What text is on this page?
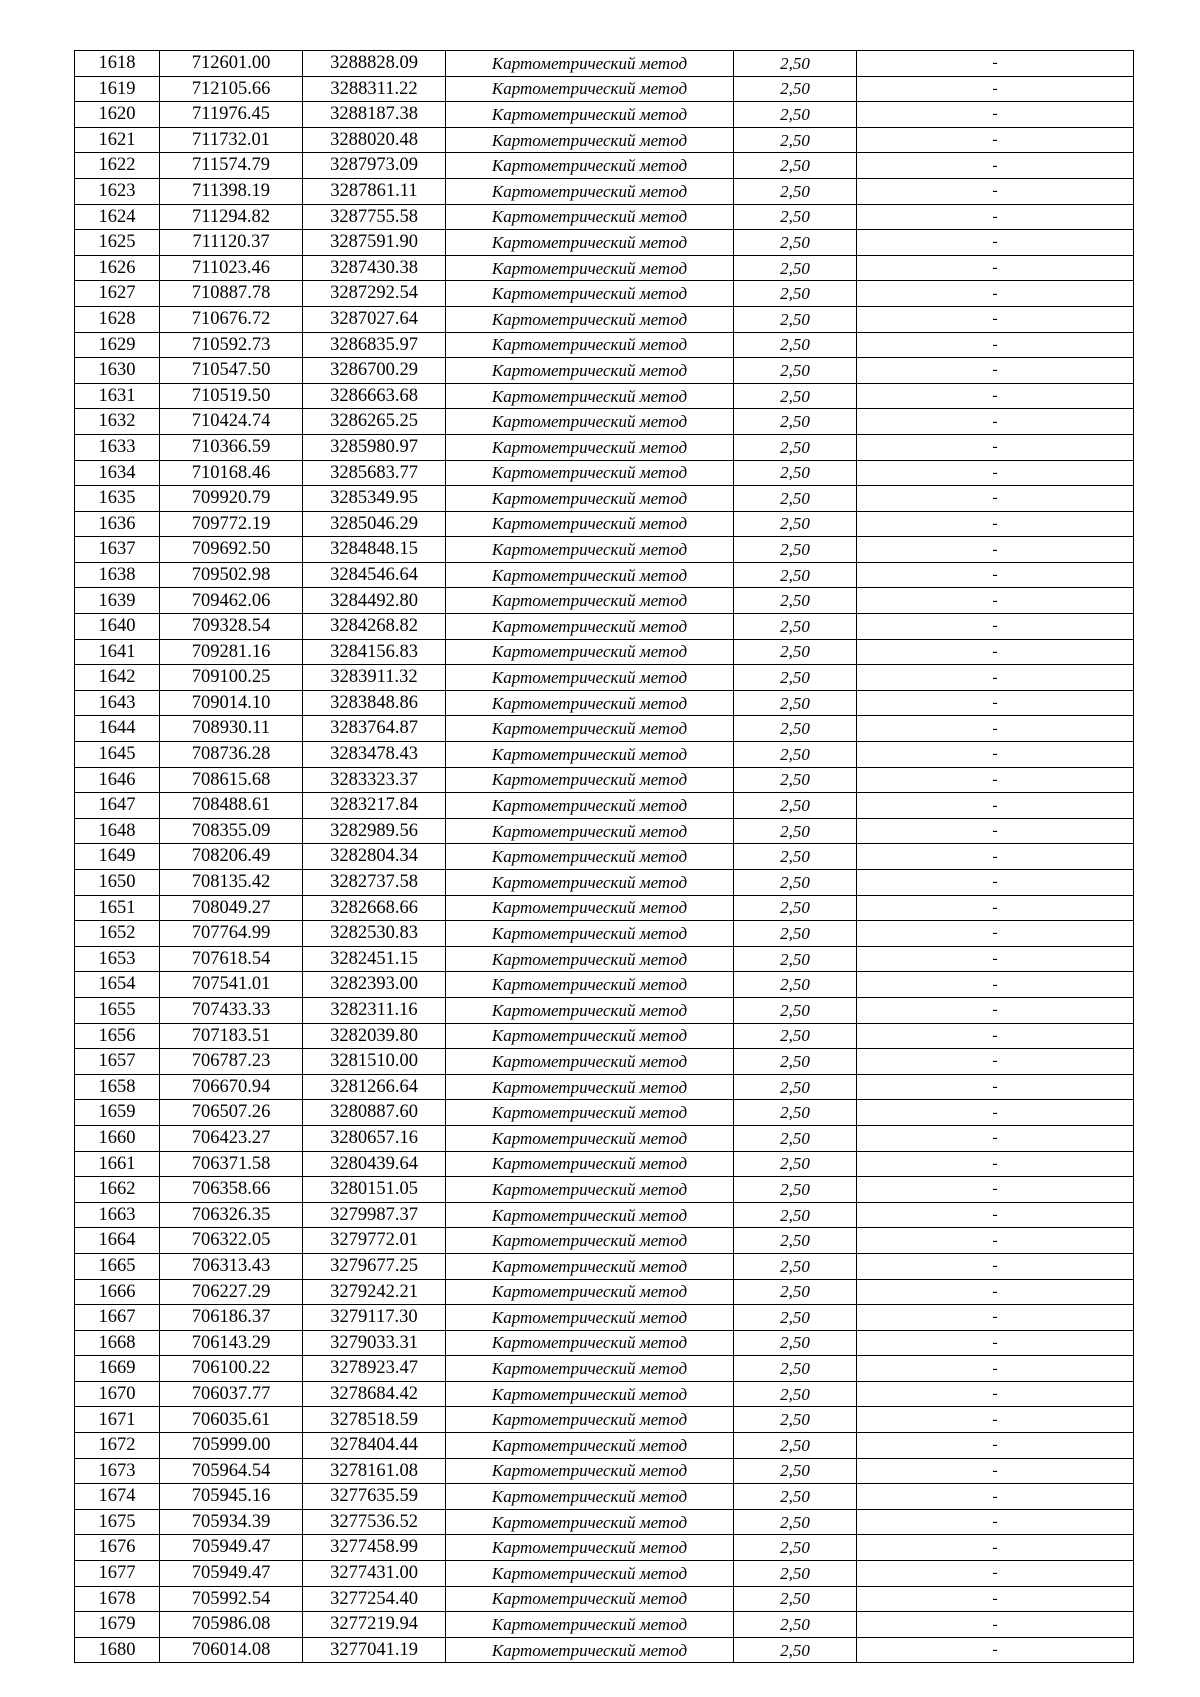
1618	712601.00	3288828.09	Картометрический метод	2,50	-
1619	712105.66	3288311.22	Картометрический метод	2,50	-
1620	711976.45	3288187.38	Картометрический метод	2,50	-
1621	711732.01	3288020.48	Картометрический метод	2,50	-
1622	711574.79	3287973.09	Картометрический метод	2,50	-
1623	711398.19	3287861.11	Картометрический метод	2,50	-
1624	711294.82	3287755.58	Картометрический метод	2,50	-
1625	711120.37	3287591.90	Картометрический метод	2,50	-
1626	711023.46	3287430.38	Картометрический метод	2,50	-
1627	710887.78	3287292.54	Картометрический метод	2,50	-
1628	710676.72	3287027.64	Картометрический метод	2,50	-
1629	710592.73	3286835.97	Картометрический метод	2,50	-
1630	710547.50	3286700.29	Картометрический метод	2,50	-
1631	710519.50	3286663.68	Картометрический метод	2,50	-
1632	710424.74	3286265.25	Картометрический метод	2,50	-
1633	710366.59	3285980.97	Картометрический метод	2,50	-
1634	710168.46	3285683.77	Картометрический метод	2,50	-
1635	709920.79	3285349.95	Картометрический метод	2,50	-
1636	709772.19	3285046.29	Картометрический метод	2,50	-
1637	709692.50	3284848.15	Картометрический метод	2,50	-
1638	709502.98	3284546.64	Картометрический метод	2,50	-
1639	709462.06	3284492.80	Картометрический метод	2,50	-
1640	709328.54	3284268.82	Картометрический метод	2,50	-
1641	709281.16	3284156.83	Картометрический метод	2,50	-
1642	709100.25	3283911.32	Картометрический метод	2,50	-
1643	709014.10	3283848.86	Картометрический метод	2,50	-
1644	708930.11	3283764.87	Картометрический метод	2,50	-
1645	708736.28	3283478.43	Картометрический метод	2,50	-
1646	708615.68	3283323.37	Картометрический метод	2,50	-
1647	708488.61	3283217.84	Картометрический метод	2,50	-
1648	708355.09	3282989.56	Картометрический метод	2,50	-
1649	708206.49	3282804.34	Картометрический метод	2,50	-
1650	708135.42	3282737.58	Картометрический метод	2,50	-
1651	708049.27	3282668.66	Картометрический метод	2,50	-
1652	707764.99	3282530.83	Картометрический метод	2,50	-
1653	707618.54	3282451.15	Картометрический метод	2,50	-
1654	707541.01	3282393.00	Картометрический метод	2,50	-
1655	707433.33	3282311.16	Картометрический метод	2,50	-
1656	707183.51	3282039.80	Картометрический метод	2,50	-
1657	706787.23	3281510.00	Картометрический метод	2,50	-
1658	706670.94	3281266.64	Картометрический метод	2,50	-
1659	706507.26	3280887.60	Картометрический метод	2,50	-
1660	706423.27	3280657.16	Картометрический метод	2,50	-
1661	706371.58	3280439.64	Картометрический метод	2,50	-
1662	706358.66	3280151.05	Картометрический метод	2,50	-
1663	706326.35	3279987.37	Картометрический метод	2,50	-
1664	706322.05	3279772.01	Картометрический метод	2,50	-
1665	706313.43	3279677.25	Картометрический метод	2,50	-
1666	706227.29	3279242.21	Картометрический метод	2,50	-
1667	706186.37	3279117.30	Картометрический метод	2,50	-
1668	706143.29	3279033.31	Картометрический метод	2,50	-
1669	706100.22	3278923.47	Картометрический метод	2,50	-
1670	706037.77	3278684.42	Картометрический метод	2,50	-
1671	706035.61	3278518.59	Картометрический метод	2,50	-
1672	705999.00	3278404.44	Картометрический метод	2,50	-
1673	705964.54	3278161.08	Картометрический метод	2,50	-
1674	705945.16	3277635.59	Картометрический метод	2,50	-
1675	705934.39	3277536.52	Картометрический метод	2,50	-
1676	705949.47	3277458.99	Картометрический метод	2,50	-
1677	705949.47	3277431.00	Картометрический метод	2,50	-
1678	705992.54	3277254.40	Картометрический метод	2,50	-
1679	705986.08	3277219.94	Картометрический метод	2,50	-
1680	706014.08	3277041.19	Картометрический метод	2,50	-
